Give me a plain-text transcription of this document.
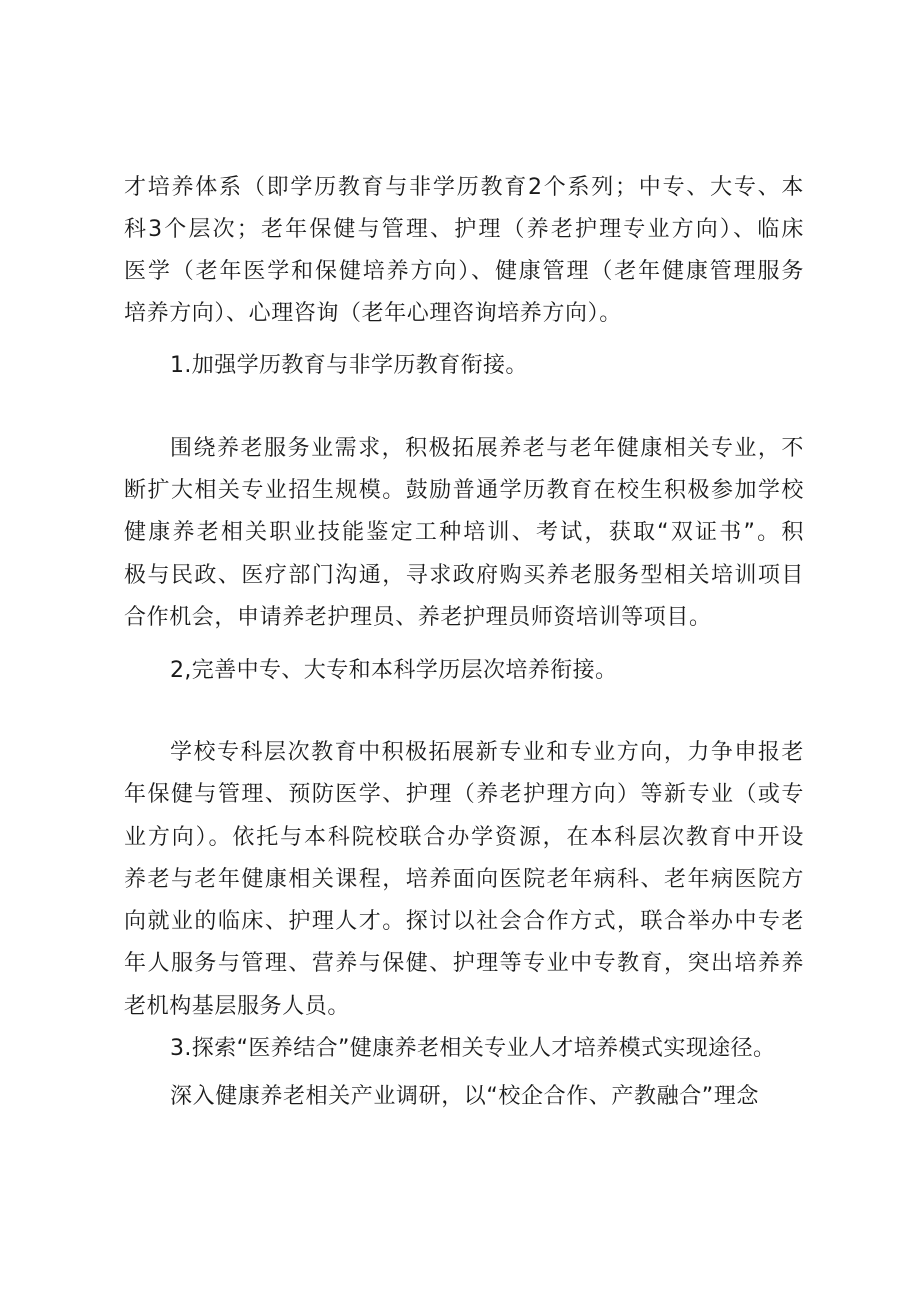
才培养体系（即学历教育与非学历教育2个系列；中专、大专、本
科3个层次；老年保健与管理、护理（养老护理专业方向）、临床
医学（老年医学和保健培养方向）、健康管理（老年健康管理服务
培养方向）、心理咨询（老年心理咨询培养方向）。
1.加强学历教育与非学历教育衔接。
围绕养老服务业需求，积极拓展养老与老年健康相关专业，不
断扩大相关专业招生规模。鼓励普通学历教育在校生积极参加学校
健康养老相关职业技能鉴定工种培训、考试，获取“双证书”。积
极与民政、医疗部门沟通，寻求政府购买养老服务型相关培训项目
合作机会，申请养老护理员、养老护理员师资培训等项目。
2,完善中专、大专和本科学历层次培养衔接。
学校专科层次教育中积极拓展新专业和专业方向，力争申报老
年保健与管理、预防医学、护理（养老护理方向）等新专业（或专
业方向）。依托与本科院校联合办学资源，在本科层次教育中开设
养老与老年健康相关课程，培养面向医院老年病科、老年病医院方
向就业的临床、护理人才。探讨以社会合作方式，联合举办中专老
年人服务与管理、营养与保健、护理等专业中专教育，突出培养养
老机构基层服务人员。
3.探索“医养结合”健康养老相关专业人才培养模式实现途径。
深入健康养老相关产业调研，以“校企合作、产教融合”理念
